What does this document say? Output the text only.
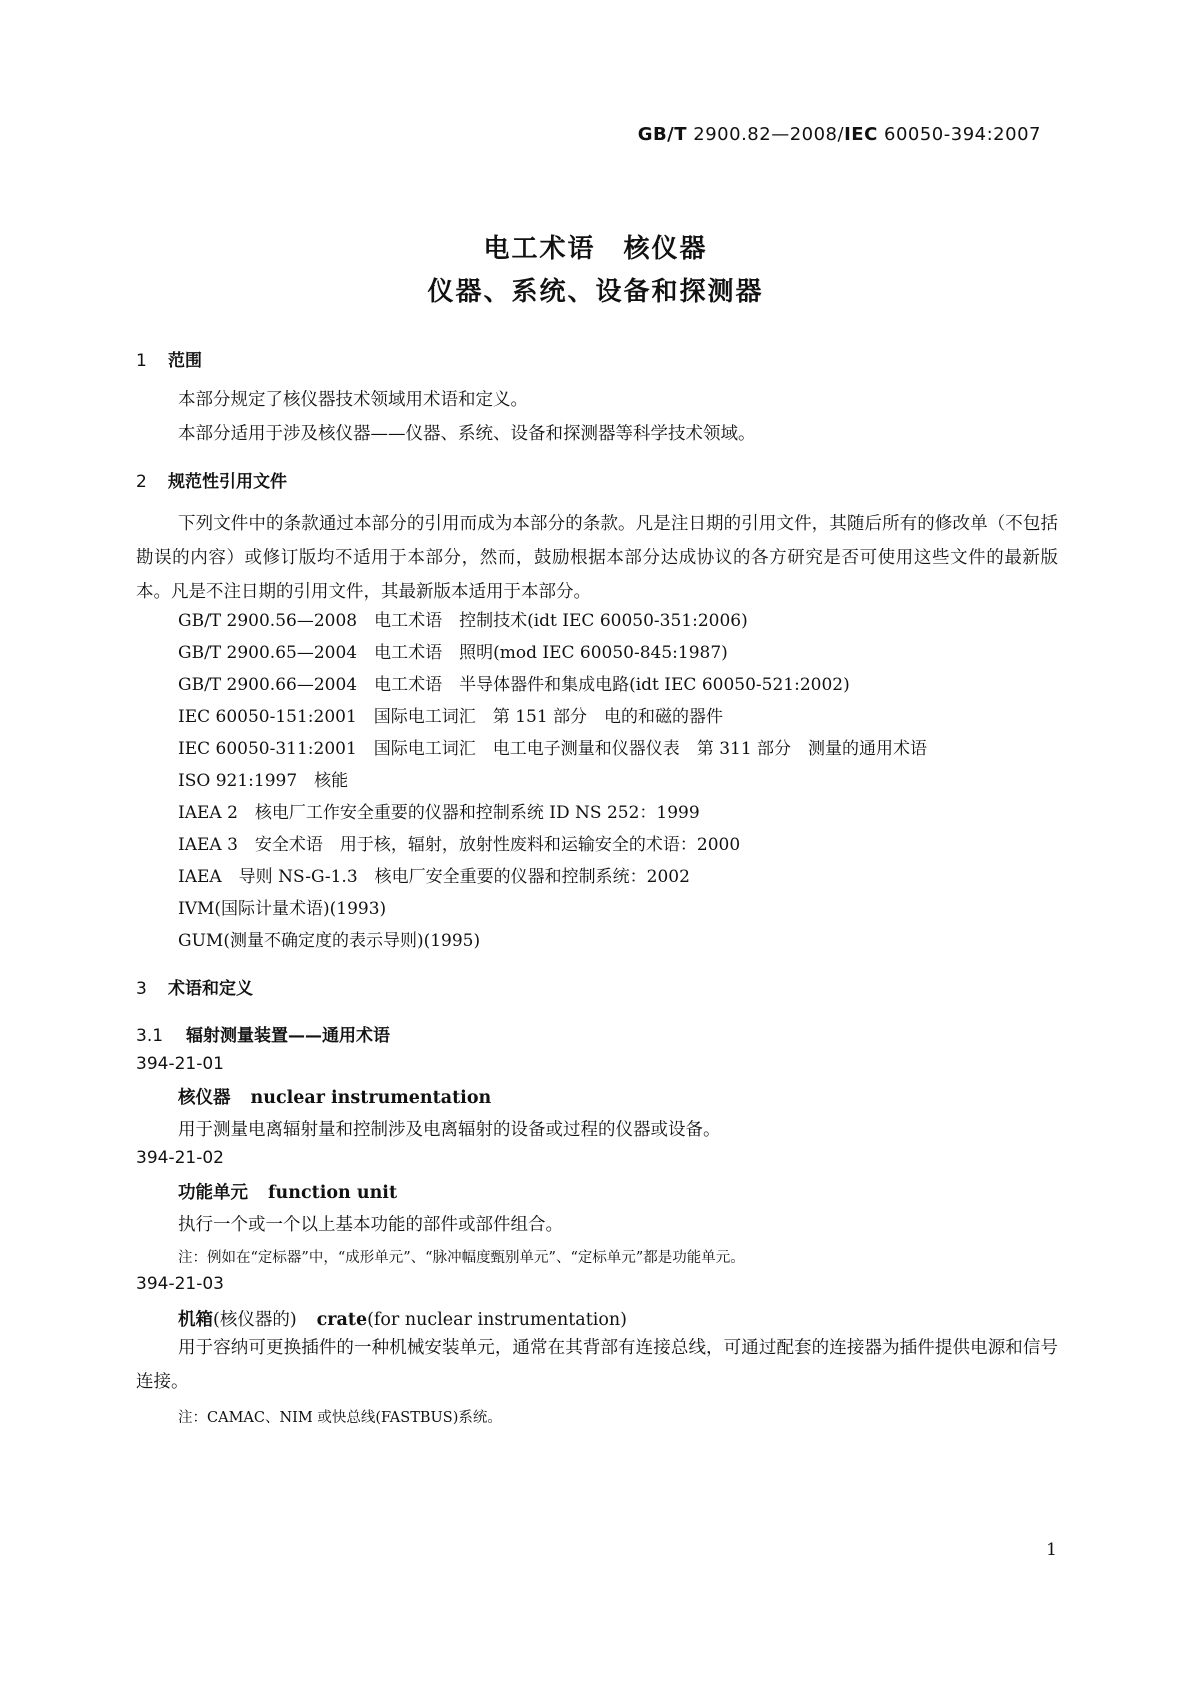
GB/T 2900.82—2008/IEC 60050-394:2007
电工术语　核仪器
仪器、系统、设备和探测器
1 范围
本部分规定了核仪器技术领域用术语和定义。
本部分适用于涉及核仪器——仪器、系统、设备和探测器等科学技术领域。
2 规范性引用文件
下列文件中的条款通过本部分的引用而成为本部分的条款。凡是注日期的引用文件，其随后所有的修改单（不包括勘误的内容）或修订版均不适用于本部分，然而，鼓励根据本部分达成协议的各方研究是否可使用这些文件的最新版本。凡是不注日期的引用文件，其最新版本适用于本部分。
GB/T 2900.56—2008　电工术语　控制技术(idt IEC 60050-351:2006)
GB/T 2900.65—2004　电工术语　照明(mod IEC 60050-845:1987)
GB/T 2900.66—2004　电工术语　半导体器件和集成电路(idt IEC 60050-521:2002)
IEC 60050-151:2001　国际电工词汇　第 151 部分　电的和磁的器件
IEC 60050-311:2001　国际电工词汇　电工电子测量和仪器仪表　第 311 部分　测量的通用术语
ISO 921:1997　核能
IAEA 2　核电厂工作安全重要的仪器和控制系统 ID NS 252：1999
IAEA 3　安全术语　用于核，辐射，放射性废料和运输安全的术语：2000
IAEA　导则 NS-G-1.3　核电厂安全重要的仪器和控制系统：2002
IVM(国际计量术语)(1993)
GUM(测量不确定度的表示导则)(1995)
3 术语和定义
3.1 辐射测量装置——通用术语
394-21-01
核仪器 nuclear instrumentation
用于测量电离辐射量和控制涉及电离辐射的设备或过程的仪器或设备。
394-21-02
功能单元 function unit
执行一个或一个以上基本功能的部件或部件组合。
注：例如在“定标器”中，“成形单元”、“脉冲幅度甄别单元”、“定标单元”都是功能单元。
394-21-03
机箱(核仪器的) crate(for nuclear instrumentation)
用于容纳可更换插件的一种机械安装单元，通常在其背部有连接总线，可通过配套的连接器为插件提供电源和信号连接。
注：CAMAC、NIM 或快总线(FASTBUS)系统。
1
